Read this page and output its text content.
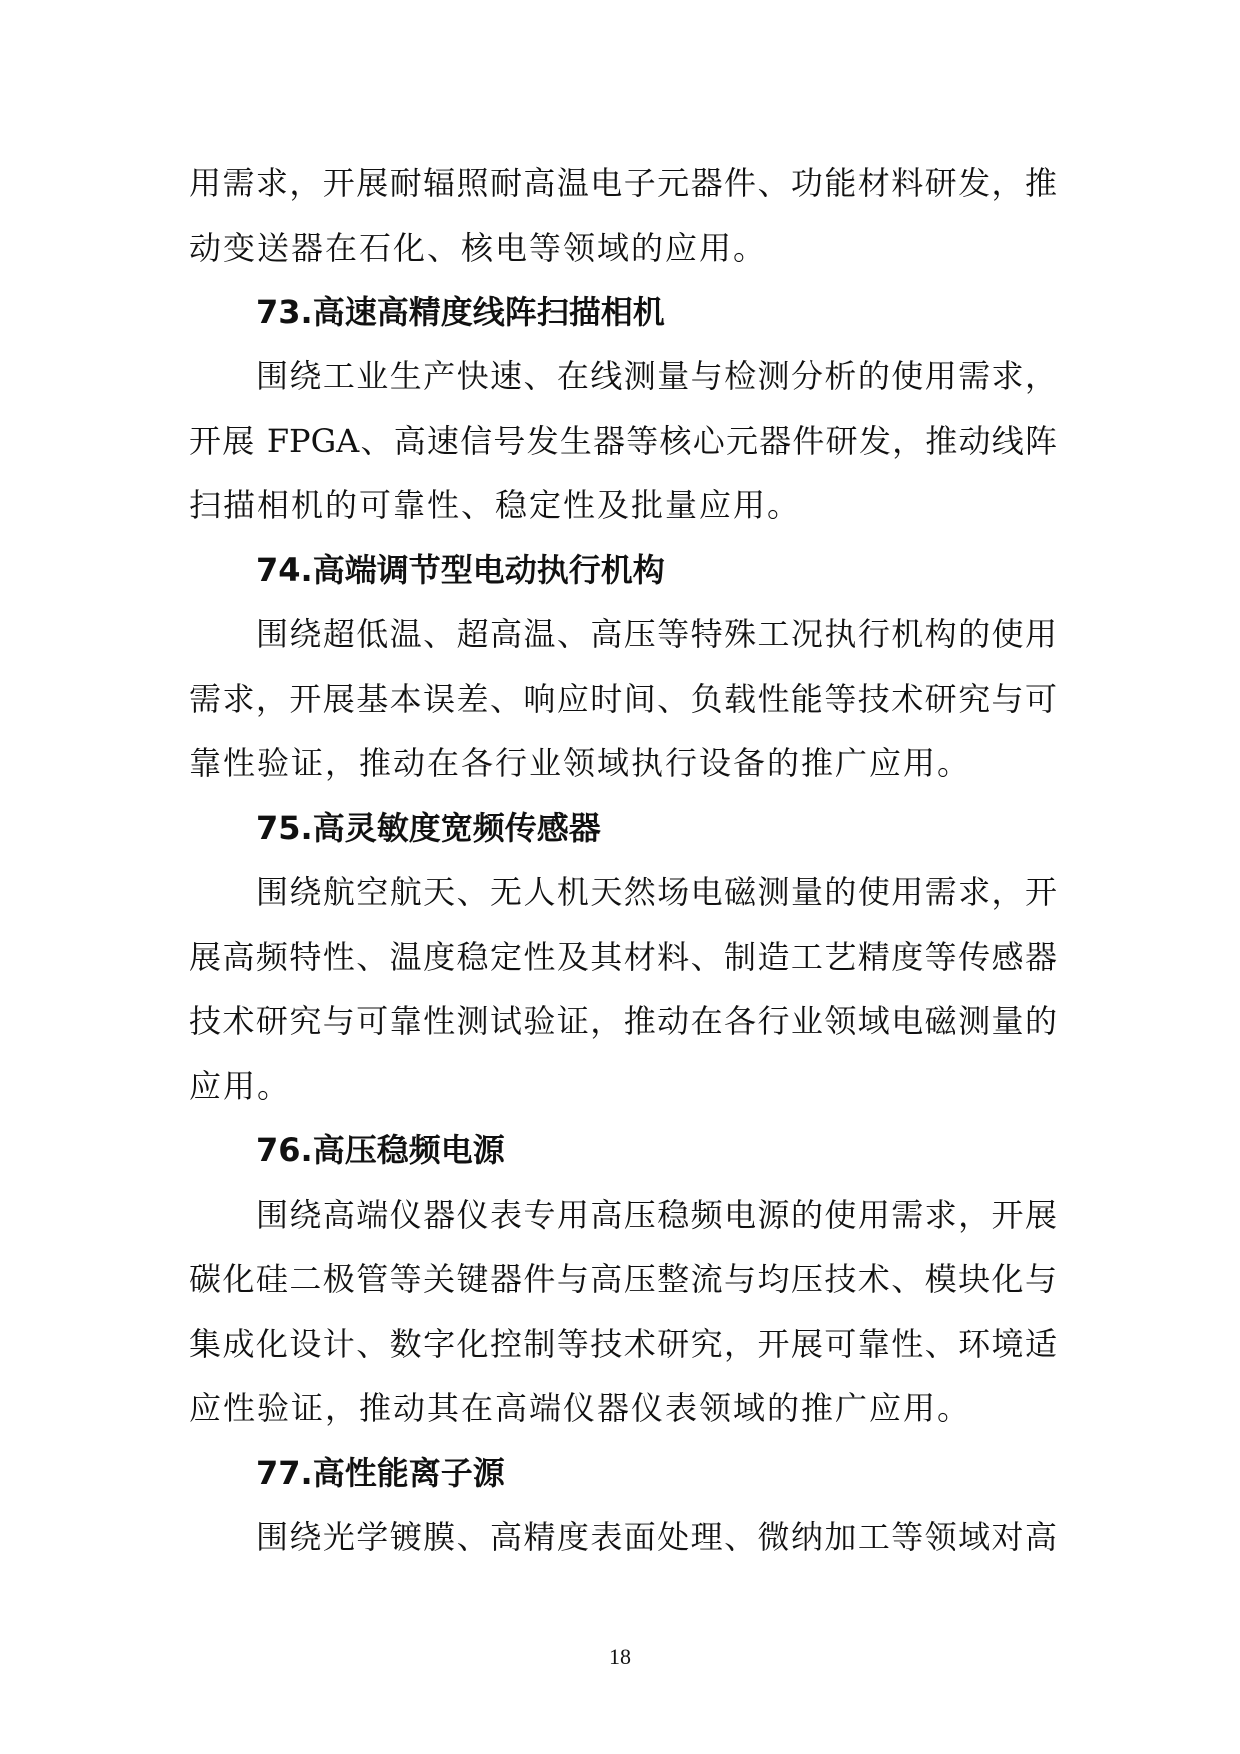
用需求，开展耐辐照耐高温电子元器件、功能材料研发，推
动变送器在石化、核电等领域的应用。
73.高速高精度线阵扫描相机
围绕工业生产快速、在线测量与检测分析的使用需求，
开展 FPGA、高速信号发生器等核心元器件研发，推动线阵
扫描相机的可靠性、稳定性及批量应用。
74.高端调节型电动执行机构
围绕超低温、超高温、高压等特殊工况执行机构的使用
需求，开展基本误差、响应时间、负载性能等技术研究与可
靠性验证，推动在各行业领域执行设备的推广应用。
75.高灵敏度宽频传感器
围绕航空航天、无人机天然场电磁测量的使用需求，开
展高频特性、温度稳定性及其材料、制造工艺精度等传感器
技术研究与可靠性测试验证，推动在各行业领域电磁测量的
应用。
76.高压稳频电源
围绕高端仪器仪表专用高压稳频电源的使用需求，开展
碳化硅二极管等关键器件与高压整流与均压技术、模块化与
集成化设计、数字化控制等技术研究，开展可靠性、环境适
应性验证，推动其在高端仪器仪表领域的推广应用。
77.高性能离子源
围绕光学镀膜、高精度表面处理、微纳加工等领域对高
18
